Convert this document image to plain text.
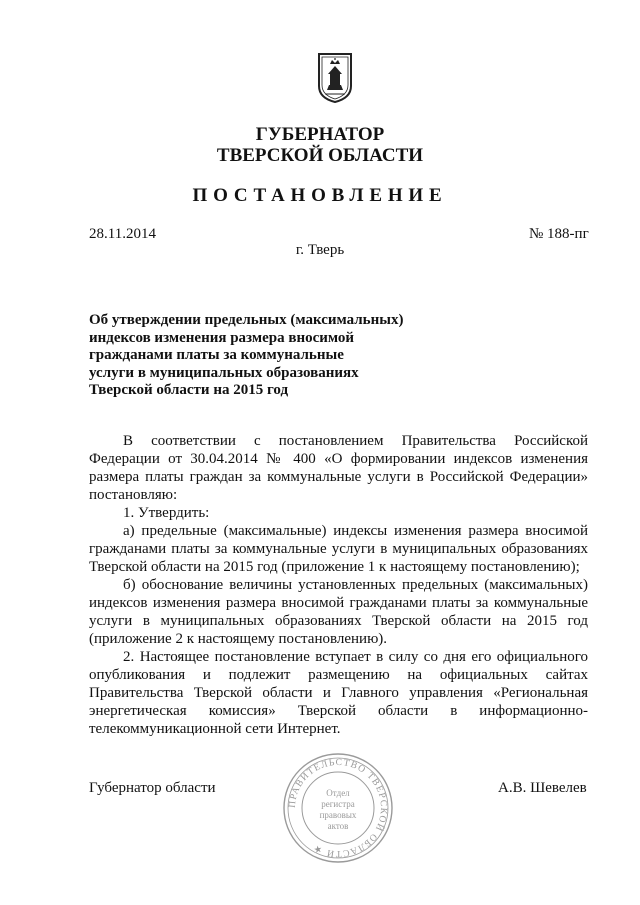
ГУБЕРНАТОР
ТВЕРСКОЙ ОБЛАСТИ
ПОСТАНОВЛЕНИЕ
28.11.2014	№ 188-пг
г. Тверь
Об утверждении предельных (максимальных)
индексов изменения размера вносимой
гражданами платы за коммунальные
услуги в муниципальных образованиях
Тверской области на 2015 год

В соответствии с постановлением Правительства Российской Федерации от 30.04.2014 № 400 «О формировании индексов изменения размера платы граждан за коммунальные услуги в Российской Федерации» постановляю:

1. Утвердить:

а) предельные (максимальные) индексы изменения размера вносимой гражданами платы за коммунальные услуги в муниципальных образованиях Тверской области на 2015 год (приложение 1 к настоящему постановлению);

б) обоснование величины установленных предельных (максимальных) индексов изменения размера вносимой гражданами платы за коммунальные услуги в муниципальных образованиях Тверской области на 2015 год (приложение 2 к настоящему постановлению).

2. Настоящее постановление вступает в силу со дня его официального опубликования и подлежит размещению на официальных сайтах Правительства Тверской области и Главного управления «Региональная энергетическая комиссия» Тверской области в информационно-телекоммуникационной сети Интернет.

Губернатор области	А.В. Шевелев
ПРАВИТЕЛЬСТВО ТВЕРСКОЙ ОБЛАСТИ ★
Отдел
регистра
правовых
актов
